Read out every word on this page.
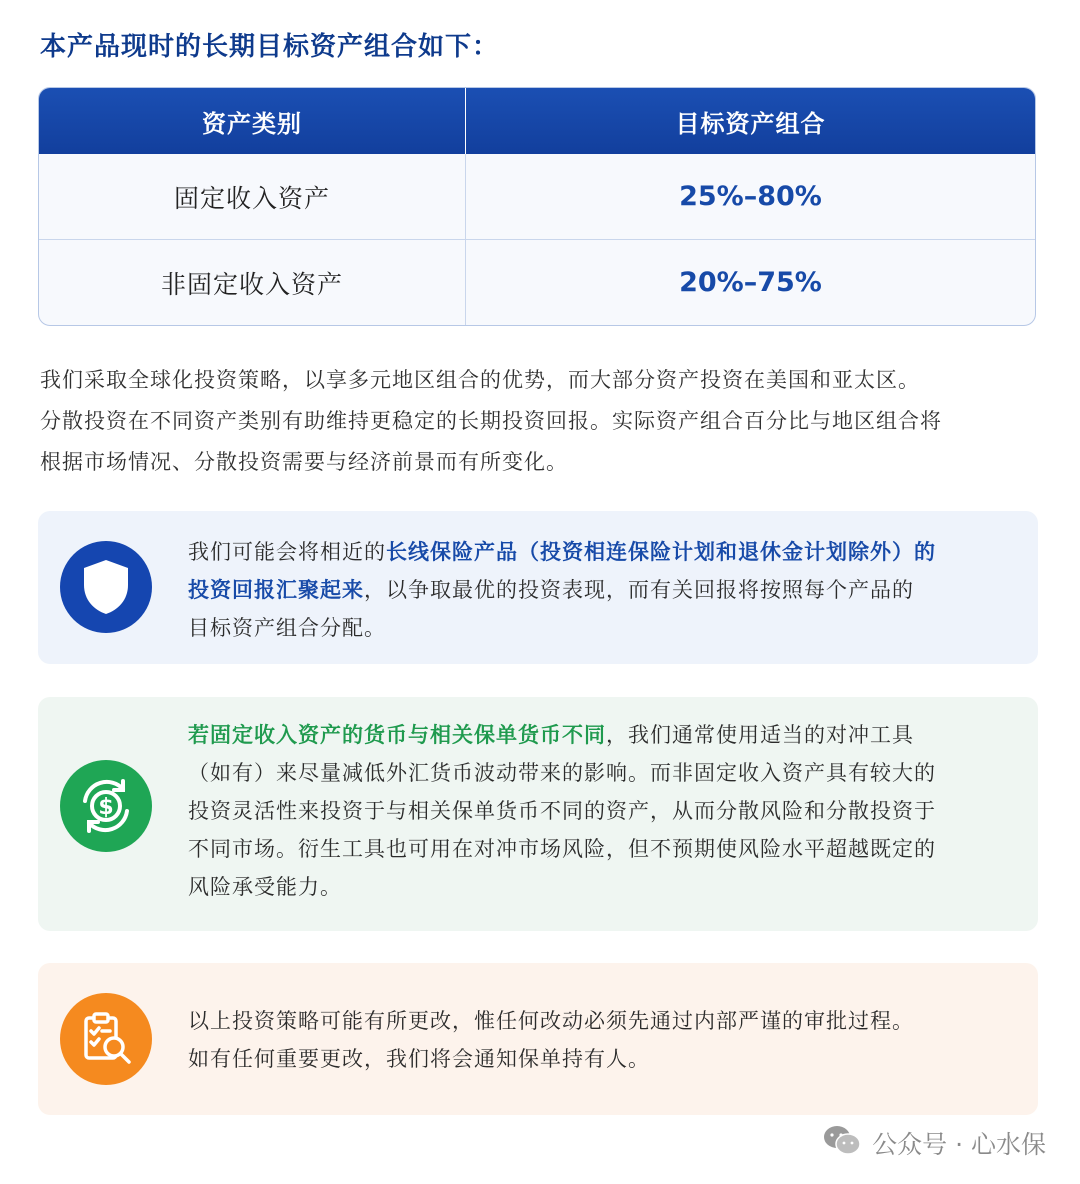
本产品现时的长期目标资产组合如下：
资产类别	目标资产组合
固定收入资产	25%–80%
非固定收入资产	20%–75%

我们采取全球化投资策略，以享多元地区组合的优势，而大部分资产投资在美国和亚太区。

分散投资在不同资产类别有助维持更稳定的长期投资回报。实际资产组合百分比与地区组合将

根据市场情况、分散投资需要与经济前景而有所变化。

我们可能会将相近的长线保险产品（投资相连保险计划和退休金计划除外）的

投资回报汇聚起来，以争取最优的投资表现，而有关回报将按照每个产品的

目标资产组合分配。

$

若固定收入资产的货币与相关保单货币不同，我们通常使用适当的对冲工具

（如有）来尽量减低外汇货币波动带来的影响。而非固定收入资产具有较大的

投资灵活性来投资于与相关保单货币不同的资产，从而分散风险和分散投资于

不同市场。衍生工具也可用在对冲市场风险，但不预期使风险水平超越既定的

风险承受能力。

以上投资策略可能有所更改，惟任何改动必须先通过内部严谨的审批过程。

如有任何重要更改，我们将会通知保单持有人。

公众号 · 心水保
